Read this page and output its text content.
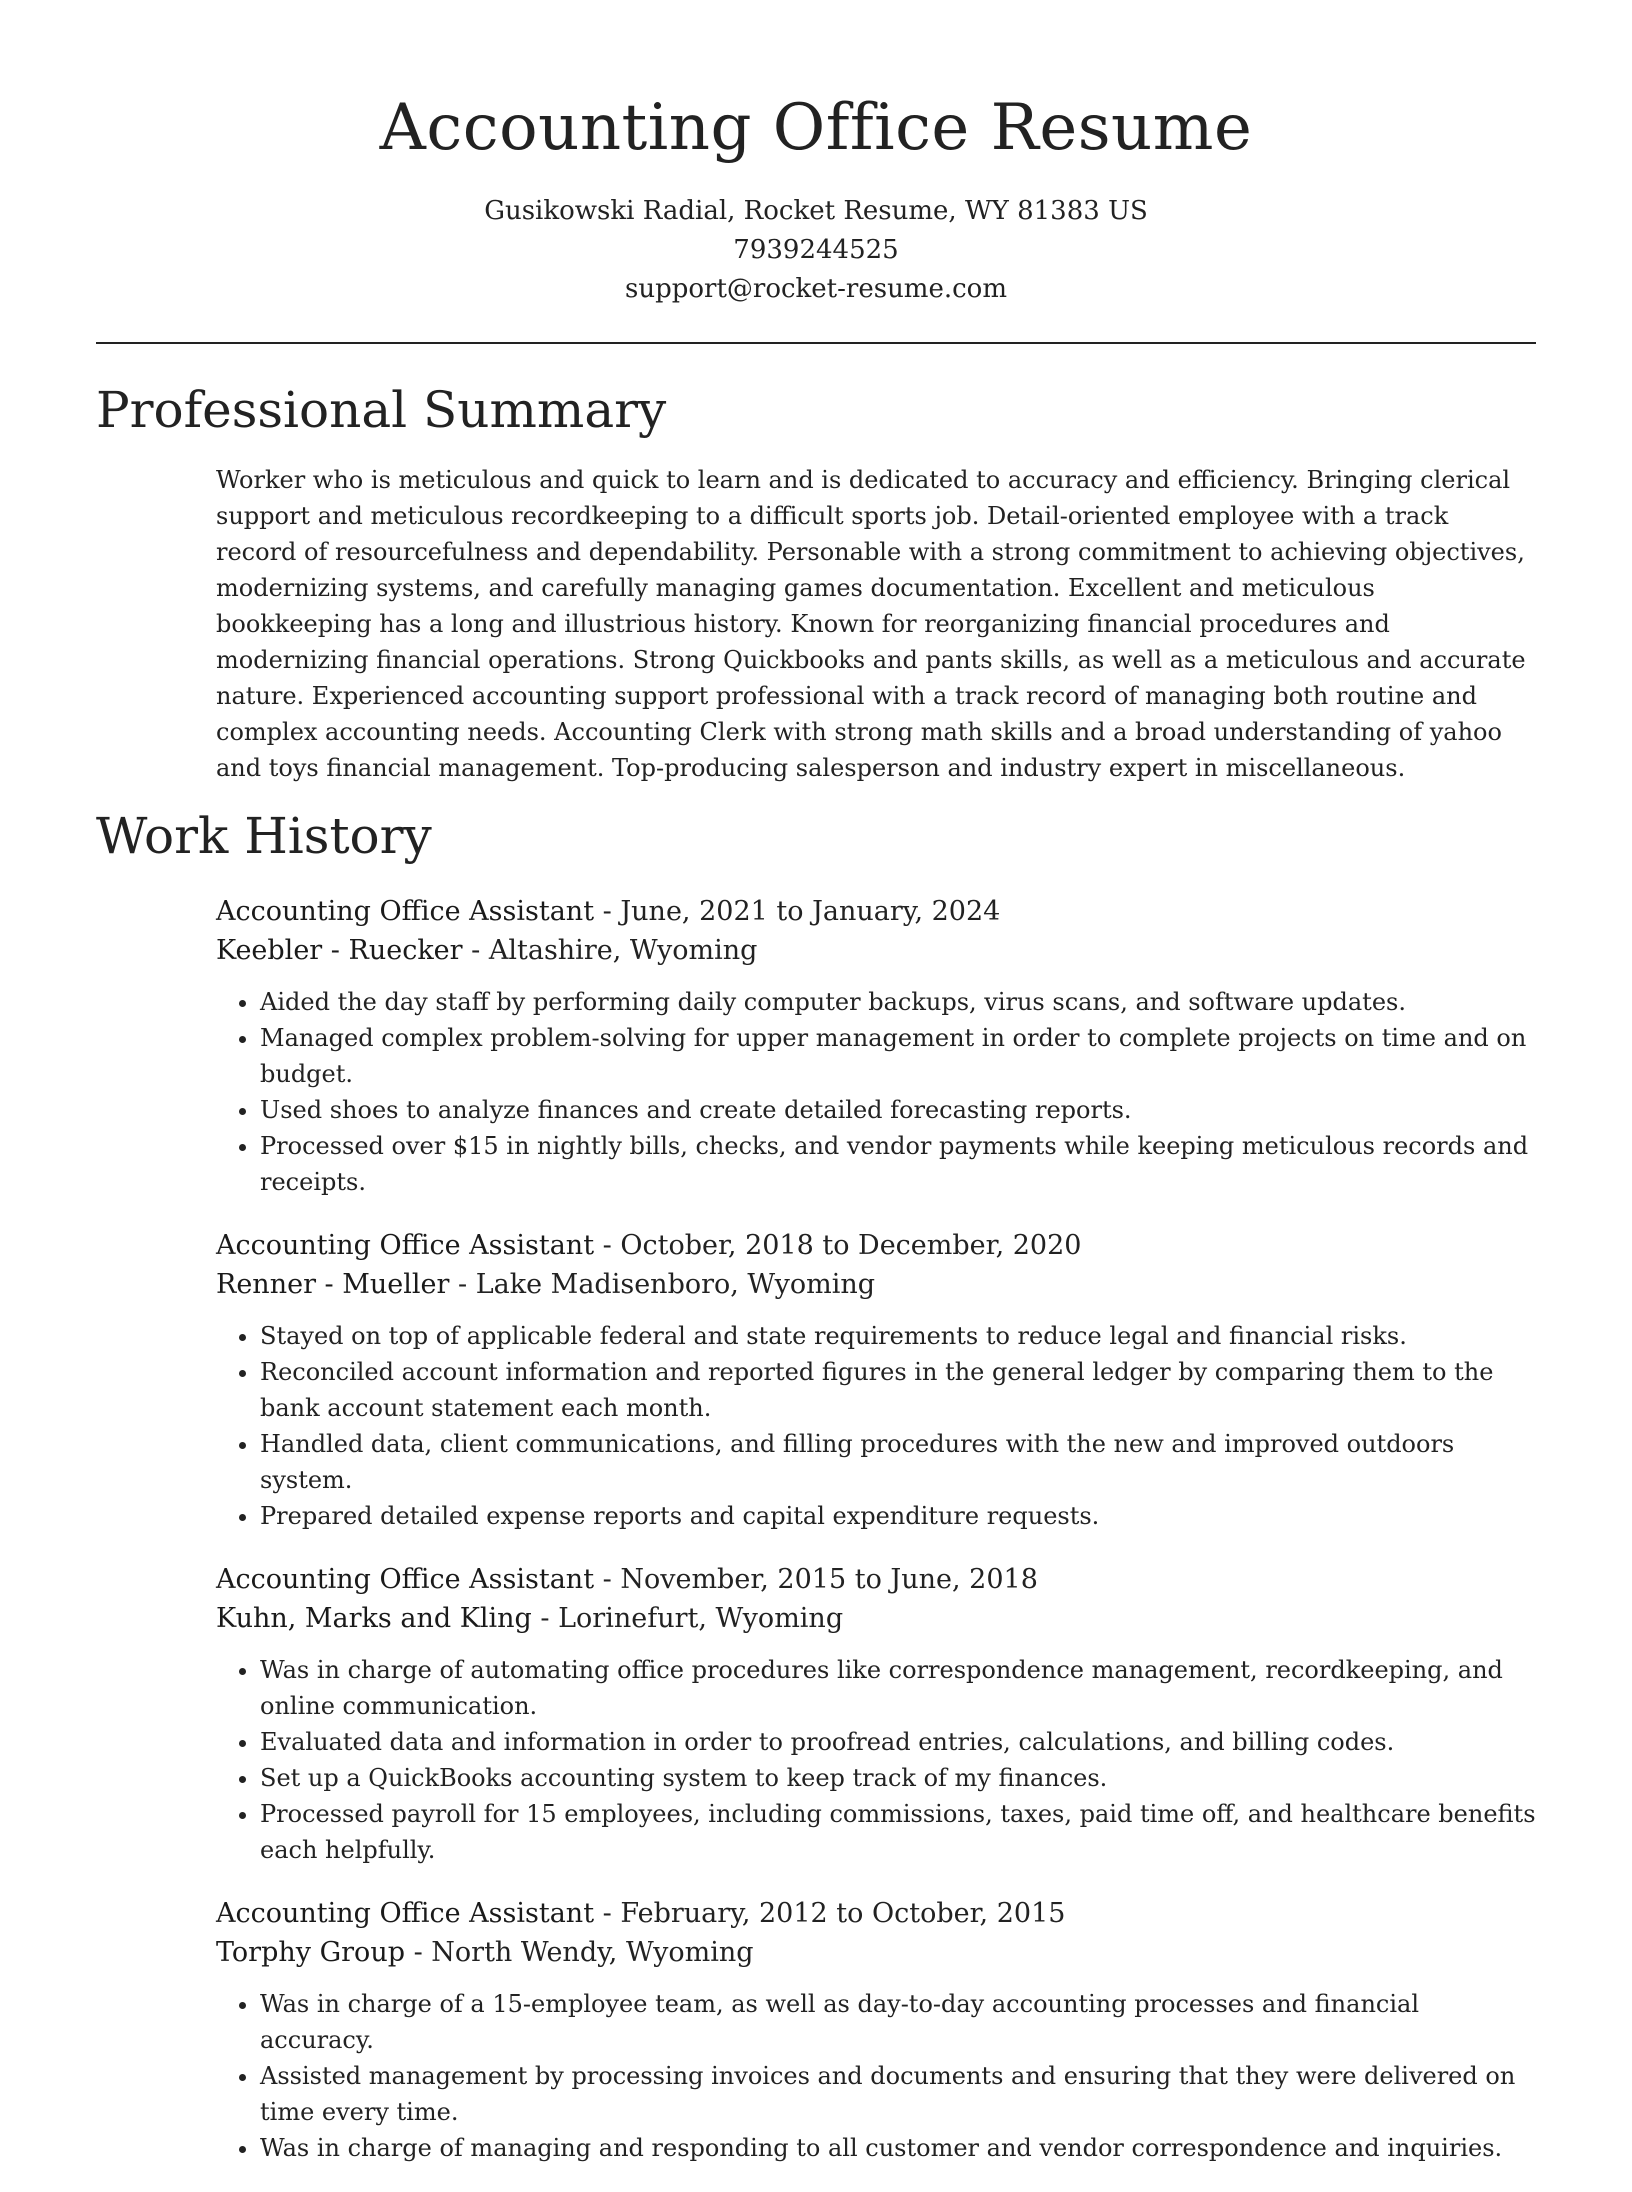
Accounting Office Resume
Gusikowski Radial, Rocket Resume, WY 81383 US
7939244525
support@rocket-resume.com
Professional Summary

Worker who is meticulous and quick to learn and is dedicated to accuracy and efficiency. Bringing clerical support and meticulous recordkeeping to a difficult sports job. Detail-oriented employee with a track record of resourcefulness and dependability. Personable with a strong commitment to achieving objectives, modernizing systems, and carefully managing games documentation. Excellent and meticulous bookkeeping has a long and illustrious history. Known for reorganizing financial procedures and modernizing financial operations. Strong Quickbooks and pants skills, as well as a meticulous and accurate nature. Experienced accounting support professional with a track record of managing both routine and complex accounting needs. Accounting Clerk with strong math skills and a broad understanding of yahoo and toys financial management. Top-producing salesperson and industry expert in miscellaneous.

Work History

Accounting Office Assistant - June, 2021 to January, 2024

Keebler - Ruecker - Altashire, Wyoming

• Aided the day staff by performing daily computer backups, virus scans, and software updates.
• Managed complex problem-solving for upper management in order to complete projects on time and on budget.
• Used shoes to analyze finances and create detailed forecasting reports.
• Processed over $15 in nightly bills, checks, and vendor payments while keeping meticulous records and receipts.

Accounting Office Assistant - October, 2018 to December, 2020

Renner - Mueller - Lake Madisenboro, Wyoming

• Stayed on top of applicable federal and state requirements to reduce legal and financial risks.
• Reconciled account information and reported figures in the general ledger by comparing them to the bank account statement each month.
• Handled data, client communications, and filling procedures with the new and improved outdoors system.
• Prepared detailed expense reports and capital expenditure requests.

Accounting Office Assistant - November, 2015 to June, 2018

Kuhn, Marks and Kling - Lorinefurt, Wyoming

• Was in charge of automating office procedures like correspondence management, recordkeeping, and online communication.
• Evaluated data and information in order to proofread entries, calculations, and billing codes.
• Set up a QuickBooks accounting system to keep track of my finances.
• Processed payroll for 15 employees, including commissions, taxes, paid time off, and healthcare benefits each helpfully.

Accounting Office Assistant - February, 2012 to October, 2015

Torphy Group - North Wendy, Wyoming

• Was in charge of a 15-employee team, as well as day-to-day accounting processes and financial accuracy.
• Assisted management by processing invoices and documents and ensuring that they were delivered on time every time.
• Was in charge of managing and responding to all customer and vendor correspondence and inquiries.
